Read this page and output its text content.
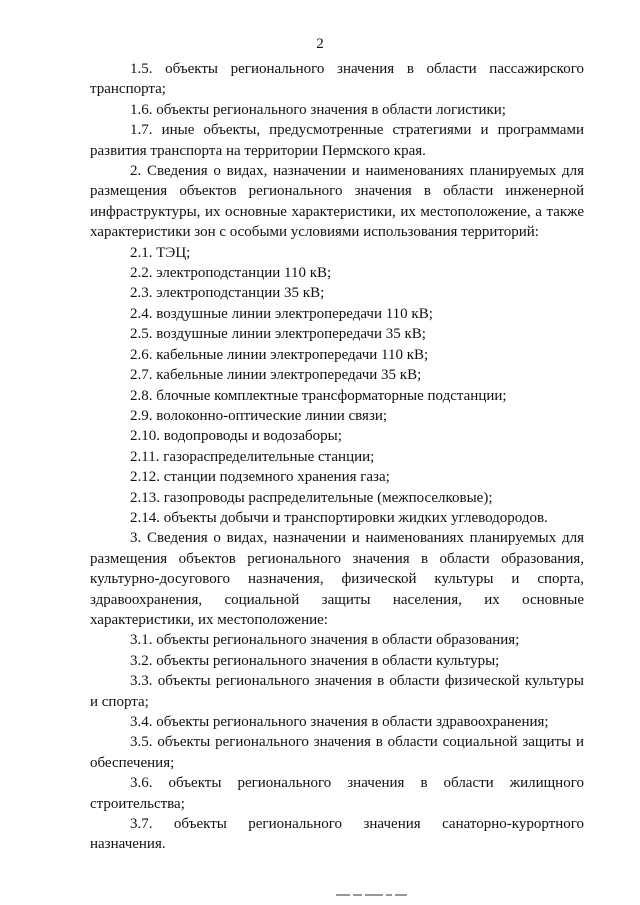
2

1.5. объекты регионального значения в области пассажирского транспорта;

1.6. объекты регионального значения в области логистики;

1.7. иные объекты, предусмотренные стратегиями и программами развития транспорта на территории Пермского края.

2. Сведения о видах, назначении и наименованиях планируемых для размещения объектов регионального значения в области инженерной инфраструктуры, их основные характеристики, их местоположение, а также характеристики зон с особыми условиями использования территорий:

2.1. ТЭЦ;

2.2. электроподстанции 110 кВ;

2.3. электроподстанции 35 кВ;

2.4. воздушные линии электропередачи 110 кВ;

2.5. воздушные линии электропередачи 35 кВ;

2.6. кабельные линии электропередачи 110 кВ;

2.7. кабельные линии электропередачи 35 кВ;

2.8. блочные комплектные трансформаторные подстанции;

2.9. волоконно-оптические линии связи;

2.10. водопроводы и водозаборы;

2.11. газораспределительные станции;

2.12. станции подземного хранения газа;

2.13. газопроводы распределительные (межпоселковые);

2.14. объекты добычи и транспортировки жидких углеводородов.

3. Сведения о видах, назначении и наименованиях планируемых для размещения объектов регионального значения в области образования, культурно-досугового назначения, физической культуры и спорта, здравоохранения, социальной защиты населения, их основные характеристики, их местоположение:

3.1. объекты регионального значения в области образования;

3.2. объекты регионального значения в области культуры;

3.3. объекты регионального значения в области физической культуры и спорта;

3.4. объекты регионального значения в области здравоохранения;

3.5. объекты регионального значения в области социальной защиты и обеспечения;

3.6. объекты регионального значения в области жилищного строительства;

3.7. объекты регионального значения санаторно-курортного назначения.
